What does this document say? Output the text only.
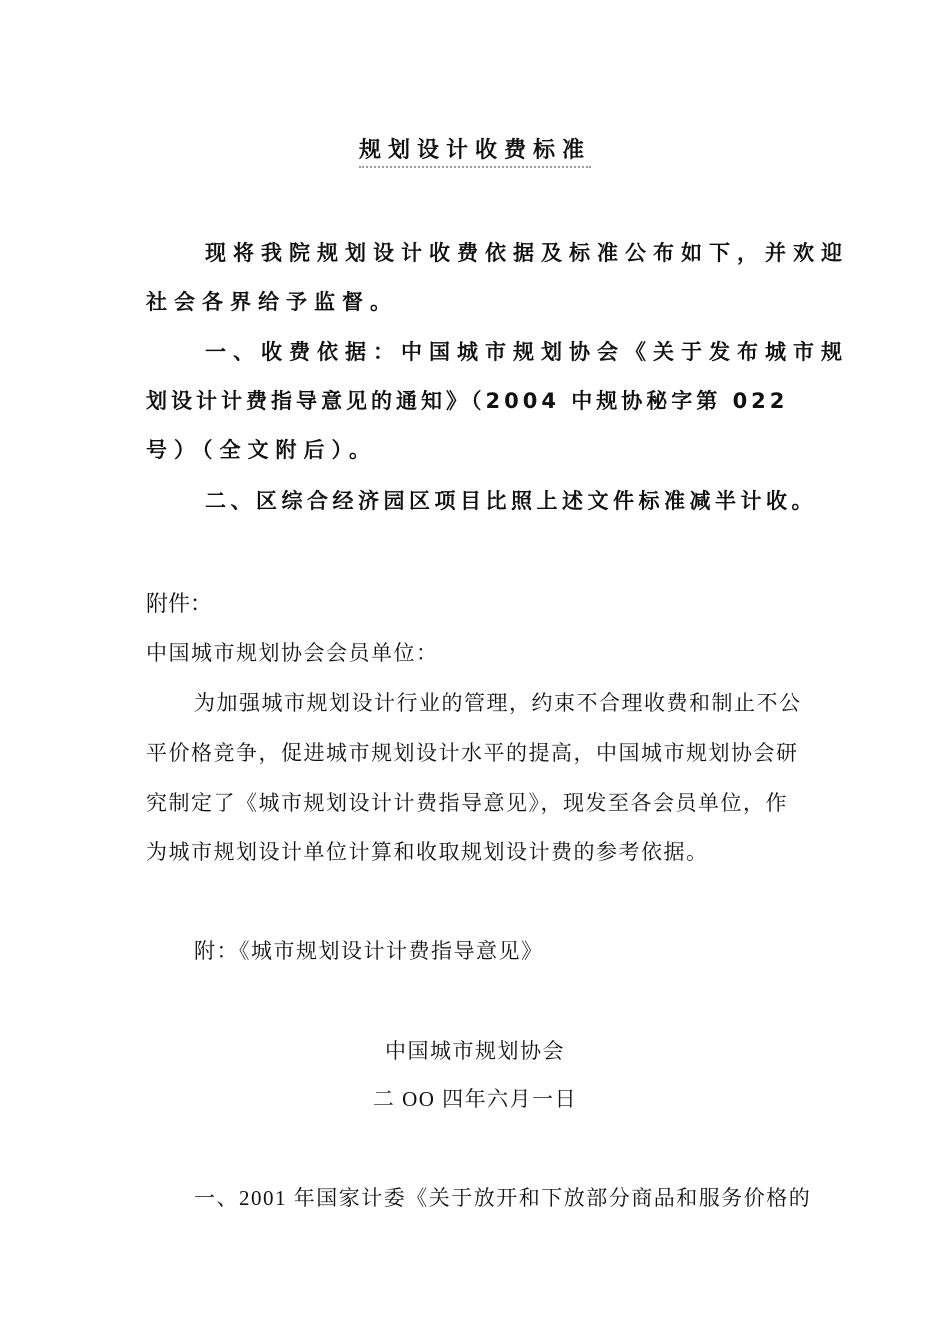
规划设计收费标准
现将我院规划设计收费依据及标准公布如下，并欢迎
社会各界给予监督。
一、收费依据：中国城市规划协会《关于发布城市规
划设计计费指导意见的通知》（2004 中规协秘字第 022
号）（全文附后）。
二、区综合经济园区项目比照上述文件标准减半计收。
附件：
中国城市规划协会会员单位：
为加强城市规划设计行业的管理，约束不合理收费和制止不公
平价格竞争，促进城市规划设计水平的提高，中国城市规划协会研
究制定了《城市规划设计计费指导意见》，现发至各会员单位，作
为城市规划设计单位计算和收取规划设计费的参考依据。
附：《城市规划设计计费指导意见》
中国城市规划协会
二 OO 四年六月一日
一、2001 年国家计委《关于放开和下放部分商品和服务价格的
